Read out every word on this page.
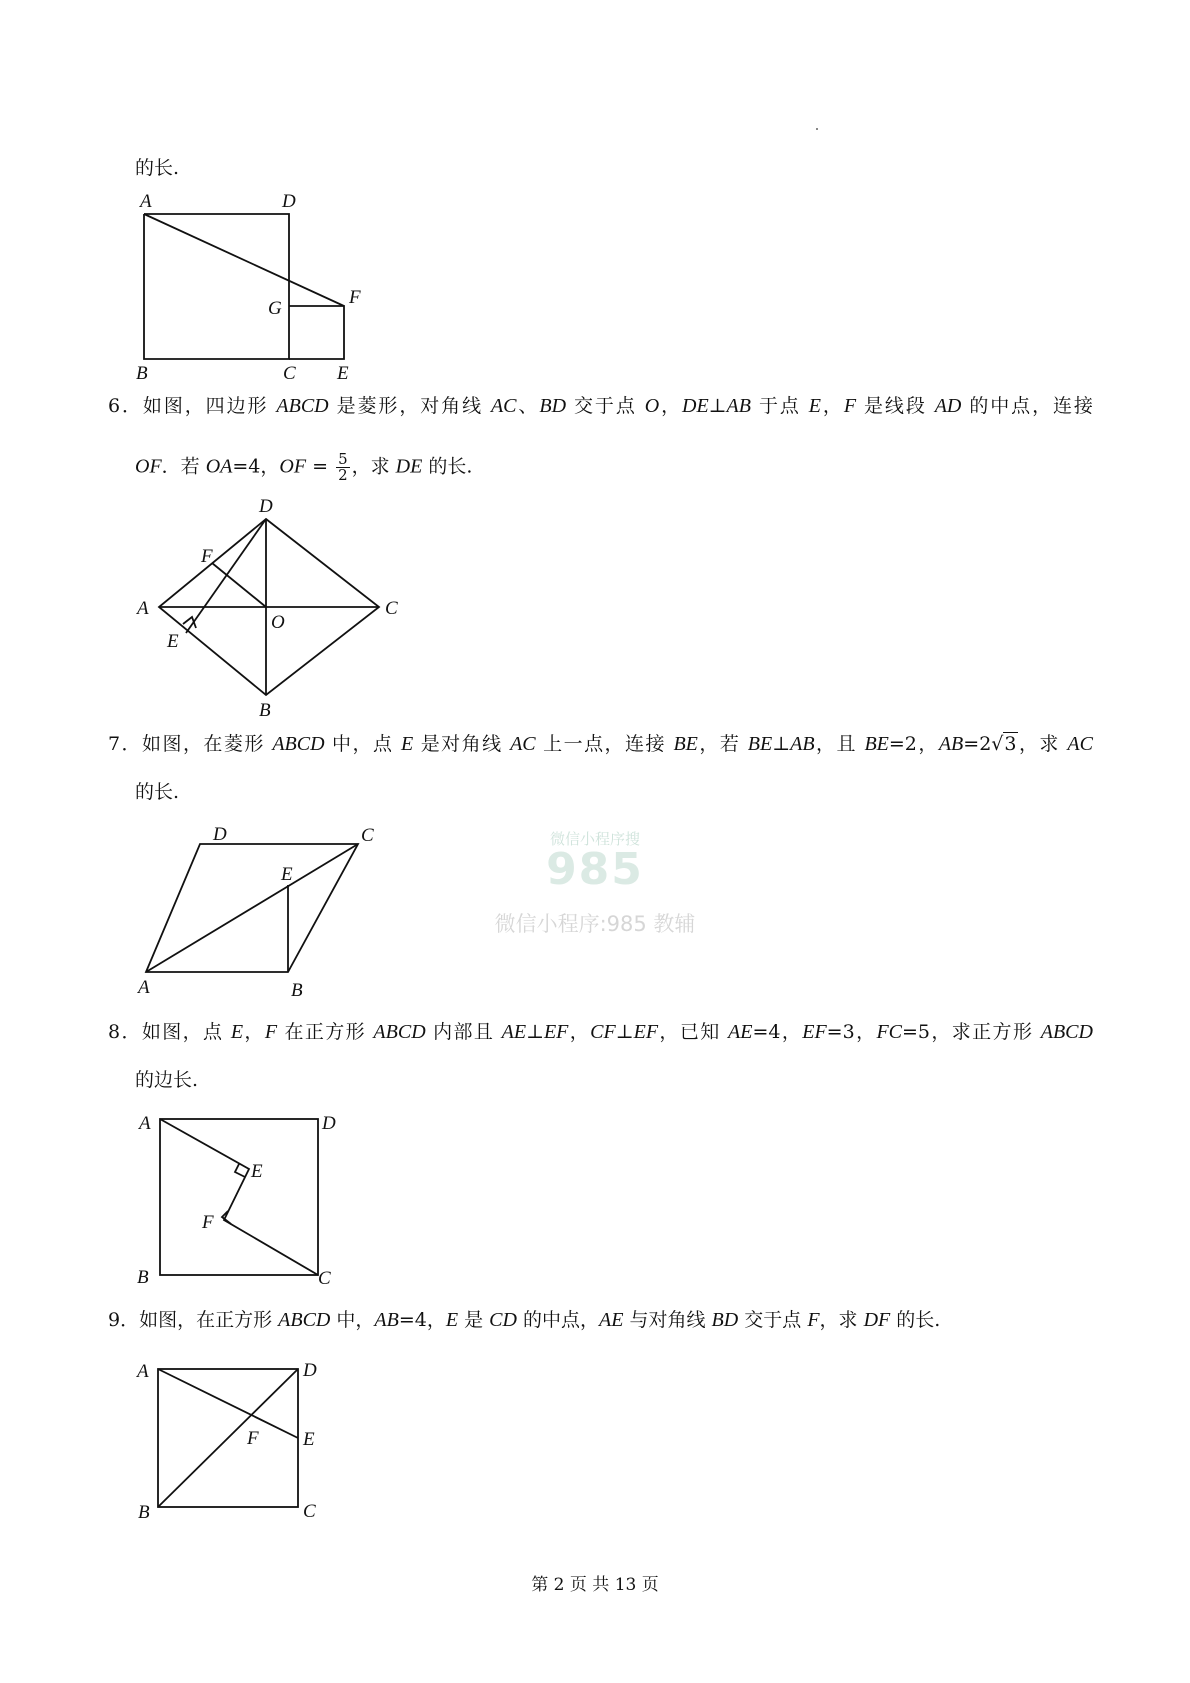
的长.
6．如图，四边形 ABCD 是菱形，对角线 AC、BD 交于点 O，DE⊥AB 于点 E，F 是线段 AD 的中点，连接
OF．若 OA=4，OF = $\frac{5}{2}$ ，求 DE 的长.
7．如图，在菱形 ABCD 中，点 E 是对角线 AC 上一点，连接 BE，若 BE⊥AB，且 BE=2，AB=2√3，求 AC
的长.
8．如图，点 E，F 在正方形 ABCD 内部且 AE⊥EF，CF⊥EF，已知 AE=4，EF=3，FC=5，求正方形 ABCD
的边长.
9．如图，在正方形 ABCD 中，AB=4，E 是 CD 的中点，AE 与对角线 BD 交于点 F，求 DF 的长.
微信小程序搜
985
微信小程序:985 教辅
A	D
G
F
B	C E
D
F
A
O
C
E
B
D	C
E
A	B
A	D
E
F
B	C
A	D
F E
B	C
第 2 页 共 13 页
